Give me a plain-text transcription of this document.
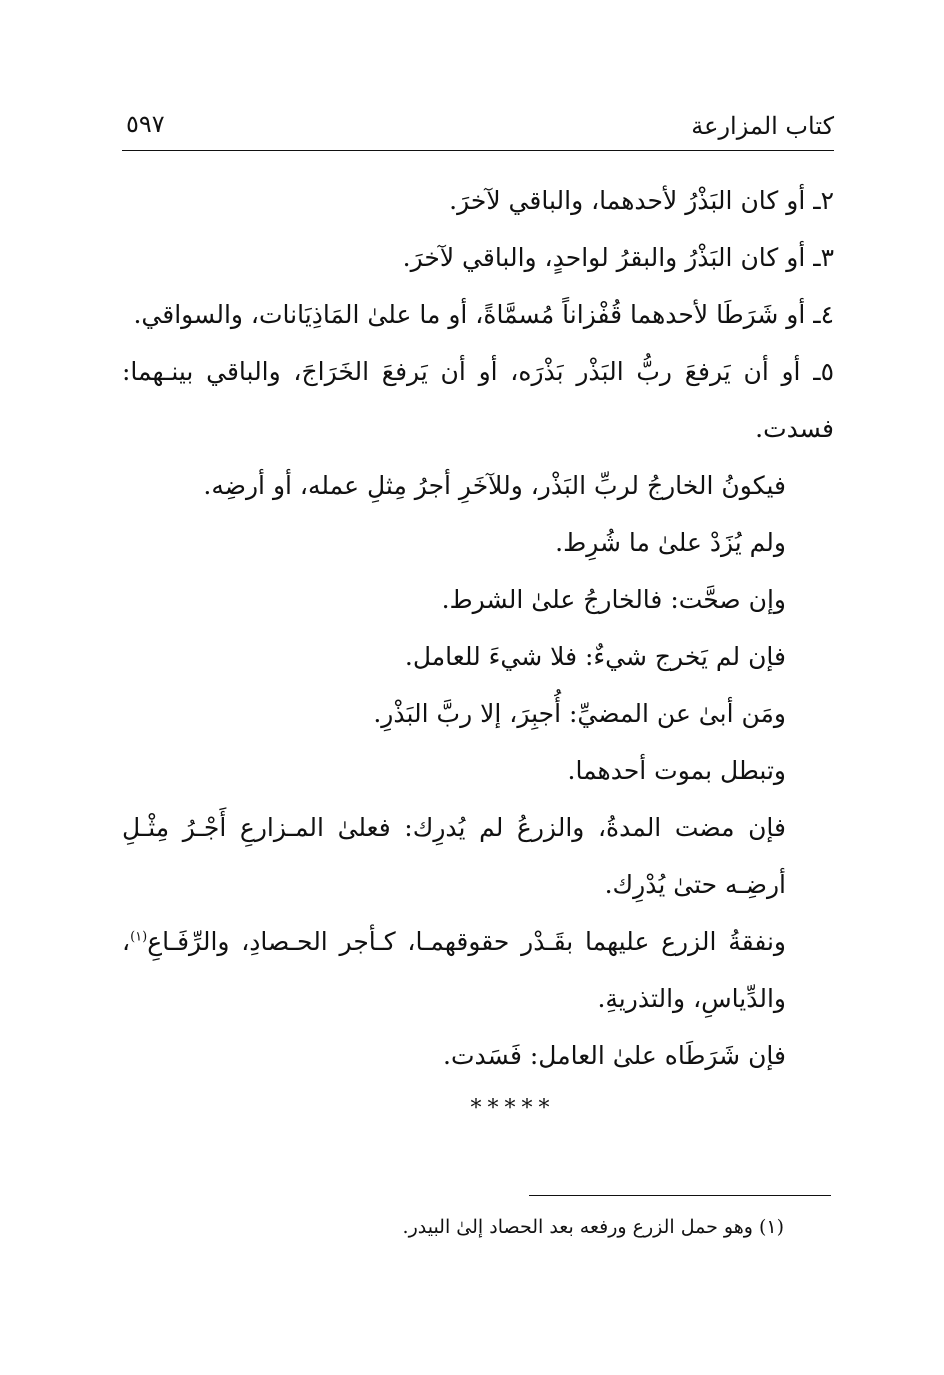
كتاب المزارعة
٥٩٧

٢ـ أو كان البَذْرُ لأحدهما، والباقي لآخرَ.

٣ـ أو كان البَذْرُ والبقرُ لواحدٍ، والباقي لآخرَ.

٤ـ أو شَرَطَا لأحدهما قُفْزاناً مُسمَّاةً، أو ما علىٰ المَاذِيَانات، والسواقي.

٥ـ أو أن يَرفعَ ربُّ البَذْر بَذْرَه، أو أن يَرفعَ الخَرَاجَ، والباقي بينـهما: فسدت.

فيكونُ الخارجُ لربِّ البَذْر، وللآخَرِ أجرُ مِثلِ عمله، أو أرضِه.

ولم يُزَدْ علىٰ ما شُرِط.

وإن صحَّت: فالخارجُ علىٰ الشرط.

فإن لم يَخرج شيءٌ: فلا شيءَ للعامل.

ومَن أبىٰ عن المضيِّ: أُجبِرَ، إلا ربَّ البَذْرِ.

وتبطل بموت أحدهما.

فإن مضت المدةُ، والزرعُ لم يُدرِك: فعلىٰ المـزارعِ أَجْـرُ مِثْـلِ أرضِـه حتىٰ يُدْرِك.

ونفقةُ الزرع عليهما بقَـدْر حقوقهمـا، كـأجر الحـصادِ، والرِّفَـاعِ$^{(١)}$، والدِّياسِ، والتذريةِ.

فإن شَرَطَاه علىٰ العامل: فَسَدت.

*****
(١) وهو حمل الزرع ورفعه بعد الحصاد إلىٰ البيدر.
